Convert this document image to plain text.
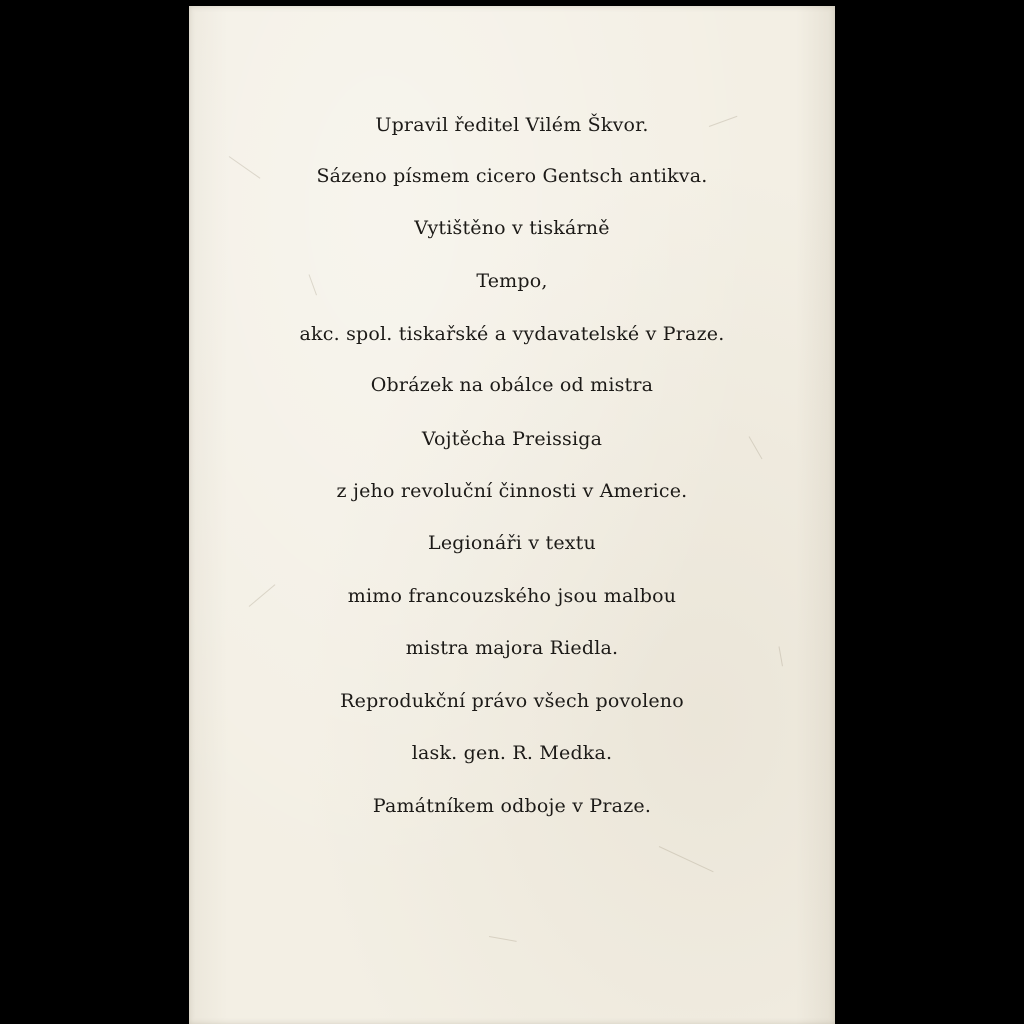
Upravil ředitel Vilém Škvor.
Sázeno písmem cicero Gentsch antikva.
Vytištěno v tiskárně
Tempo,
akc. spol. tiskařské a vydavatelské v Praze.
Obrázek na obálce od mistra
Vojtěcha Preissiga
z jeho revoluční činnosti v Americe.
Legionáři v textu
mimo francouzského jsou malbou
mistra majora Riedla.
Reprodukční právo všech povoleno
lask. gen. R. Medka.
Památníkem odboje v Praze.
